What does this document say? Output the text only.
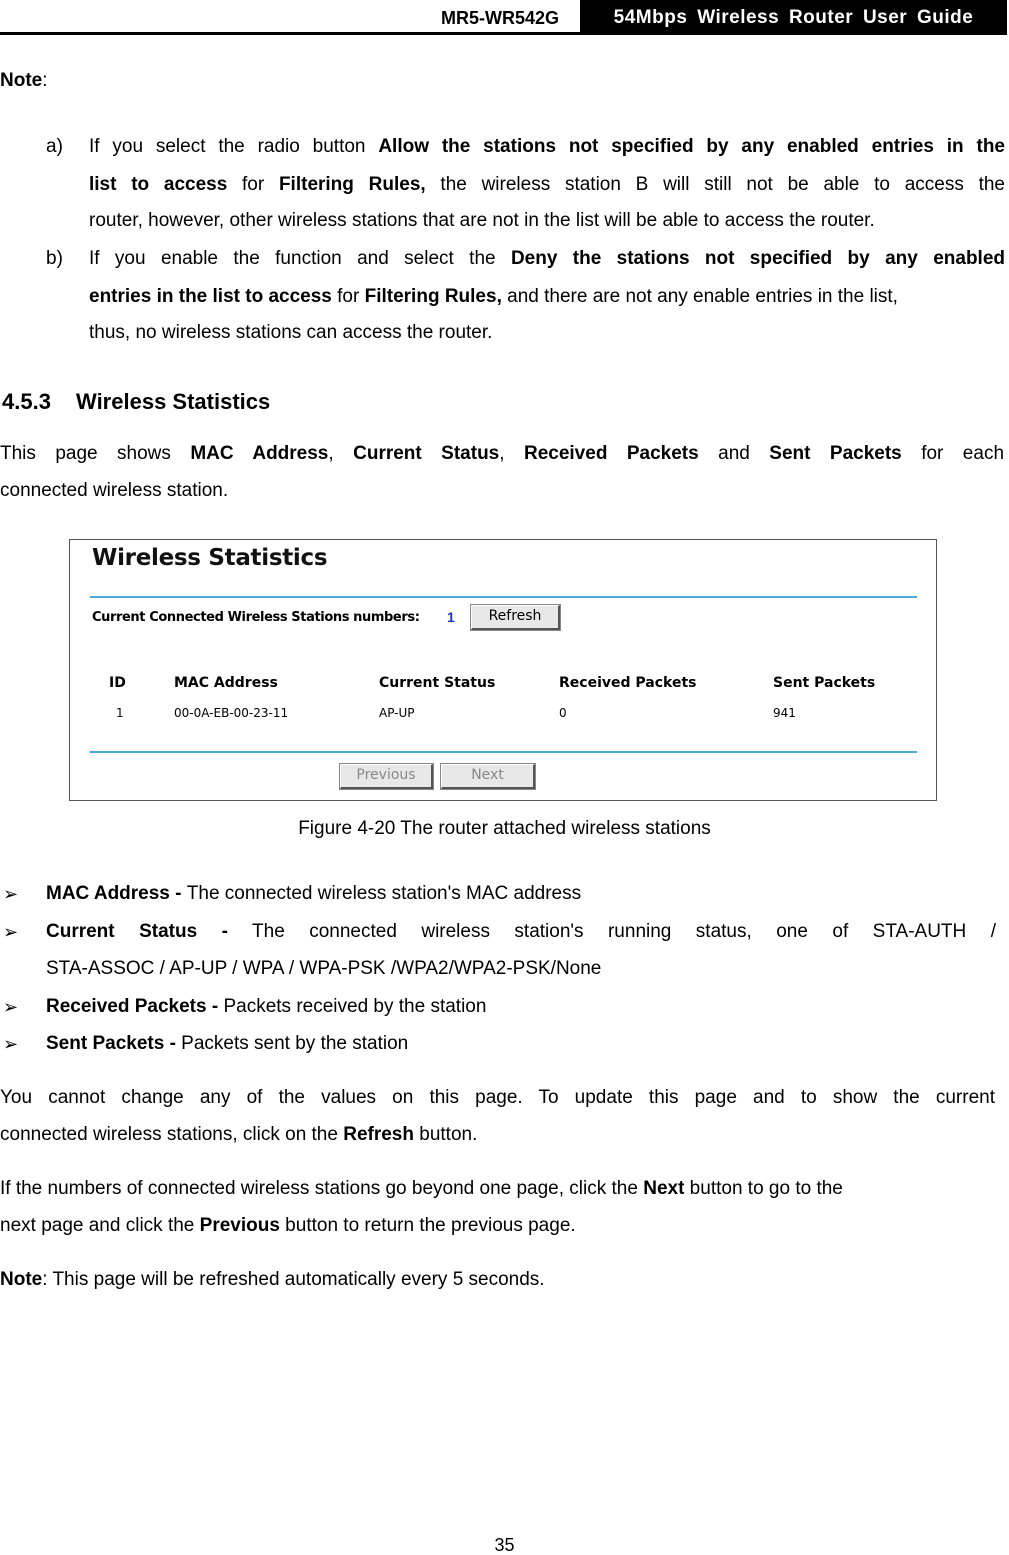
MR5-WR542G	54Mbps Wireless Router User Guide
Note:
a) If you select the radio button Allow the stations not specified by any enabled entries in the
list to access for Filtering Rules, the wireless station B will still not be able to access the
router, however, other wireless stations that are not in the list will be able to access the router.
b) If you enable the function and select the Deny the stations not specified by any enabled
entries in the list to access for Filtering Rules, and there are not any enable entries in the list,
thus, no wireless stations can access the router.
4.5.3 Wireless Statistics
This page shows MAC Address, Current Status, Received Packets and Sent Packets for each
connected wireless station.
Wireless Statistics
Current Connected Wireless Stations numbers: 1	Refresh
ID	MAC Address	Current Status	Received Packets	Sent Packets
1	00-0A-EB-00-23-11	AP-UP	0	941
Previous	Next
Figure 4-20 The router attached wireless stations
➢ MAC Address - The connected wireless station's MAC address
➢ Current Status - The connected wireless station's running status, one of STA-AUTH /
STA-ASSOC / AP-UP / WPA / WPA-PSK /WPA2/WPA2-PSK/None
➢ Received Packets - Packets received by the station
➢ Sent Packets - Packets sent by the station
You cannot change any of the values on this page. To update this page and to show the current
connected wireless stations, click on the Refresh button.
If the numbers of connected wireless stations go beyond one page, click the Next button to go to the
next page and click the Previous button to return the previous page.
Note: This page will be refreshed automatically every 5 seconds.
35
